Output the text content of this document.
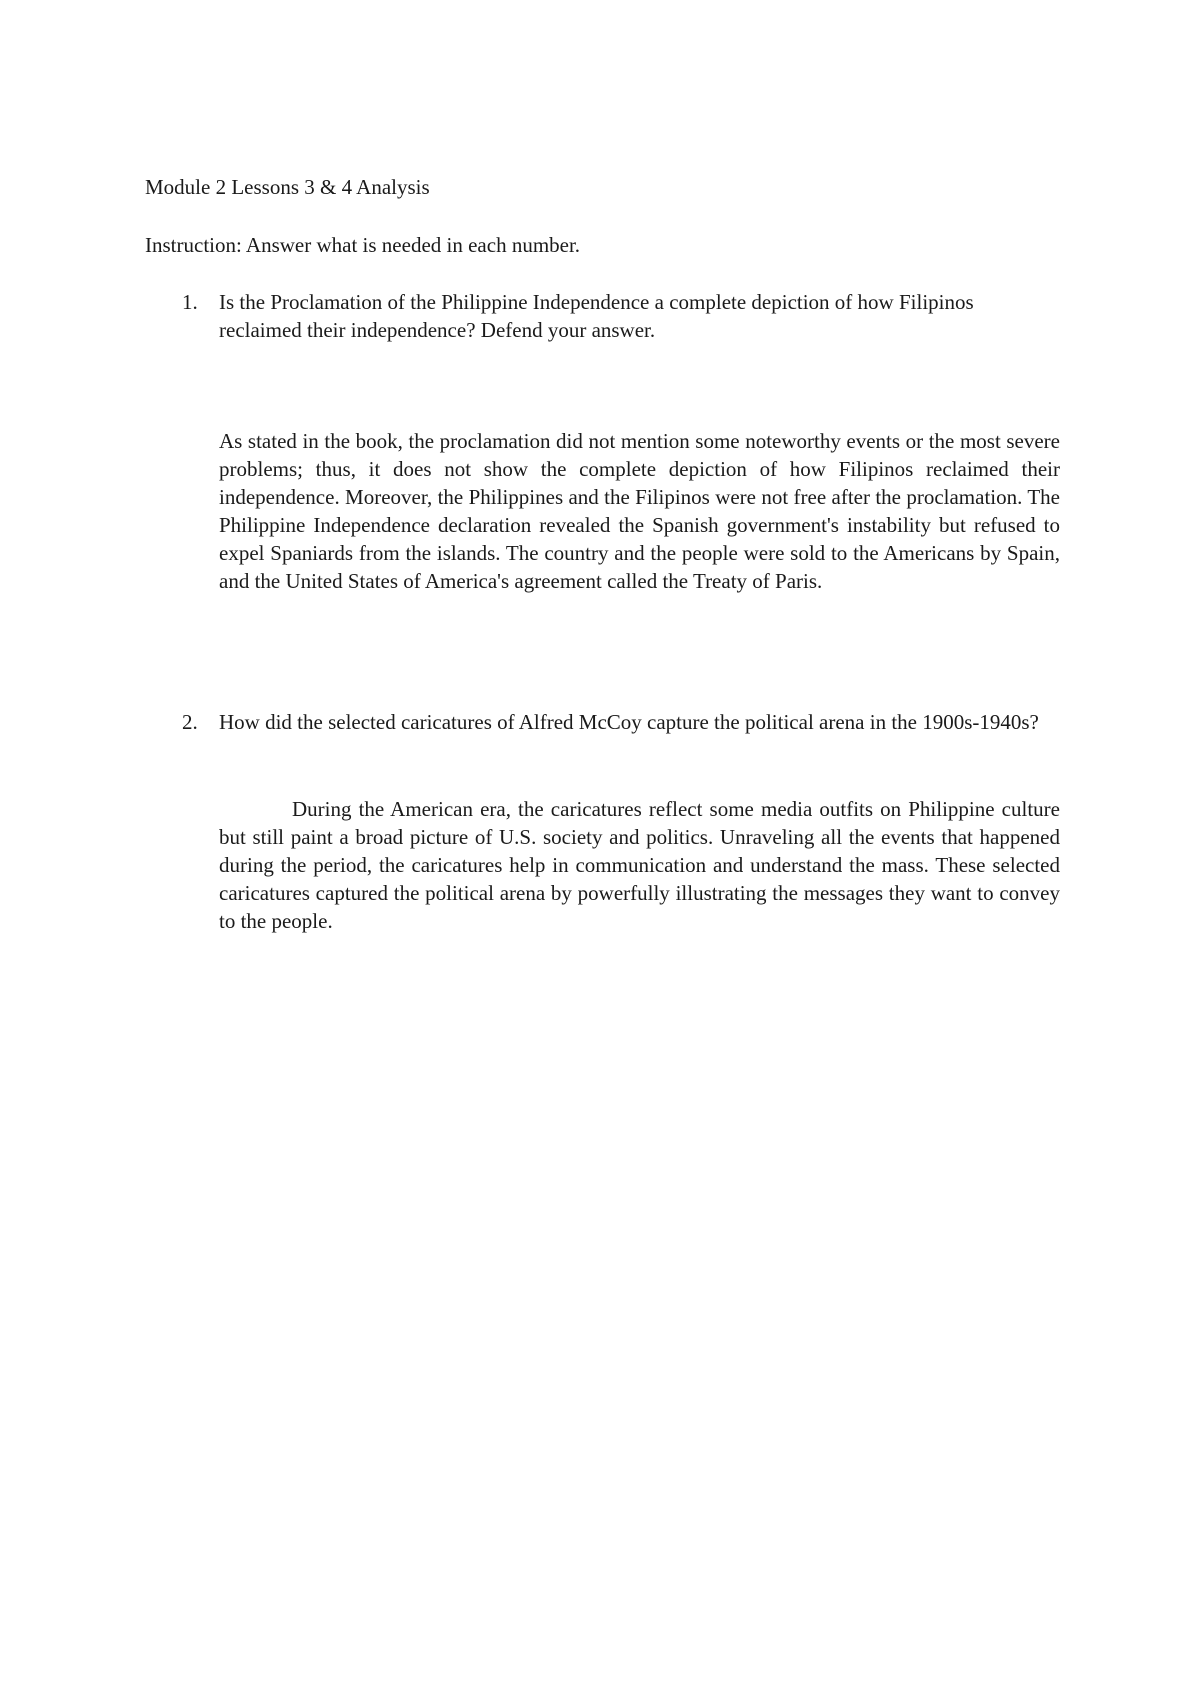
Module 2 Lessons 3 & 4 Analysis

Instruction: Answer what is needed in each number.

1. Is the Proclamation of the Philippine Independence a complete depiction of how Filipinos reclaimed their independence? Defend your answer.

As stated in the book, the proclamation did not mention some noteworthy events or the most severe problems; thus, it does not show the complete depiction of how Filipinos reclaimed their independence. Moreover, the Philippines and the Filipinos were not free after the proclamation. The Philippine Independence declaration revealed the Spanish government's instability but refused to expel Spaniards from the islands. The country and the people were sold to the Americans by Spain, and the United States of America's agreement called the Treaty of Paris.

2. How did the selected caricatures of Alfred McCoy capture the political arena in the 1900s-1940s?

During the American era, the caricatures reflect some media outfits on Philippine culture but still paint a broad picture of U.S. society and politics. Unraveling all the events that happened during the period, the caricatures help in communication and understand the mass. These selected caricatures captured the political arena by powerfully illustrating the messages they want to convey to the people.
